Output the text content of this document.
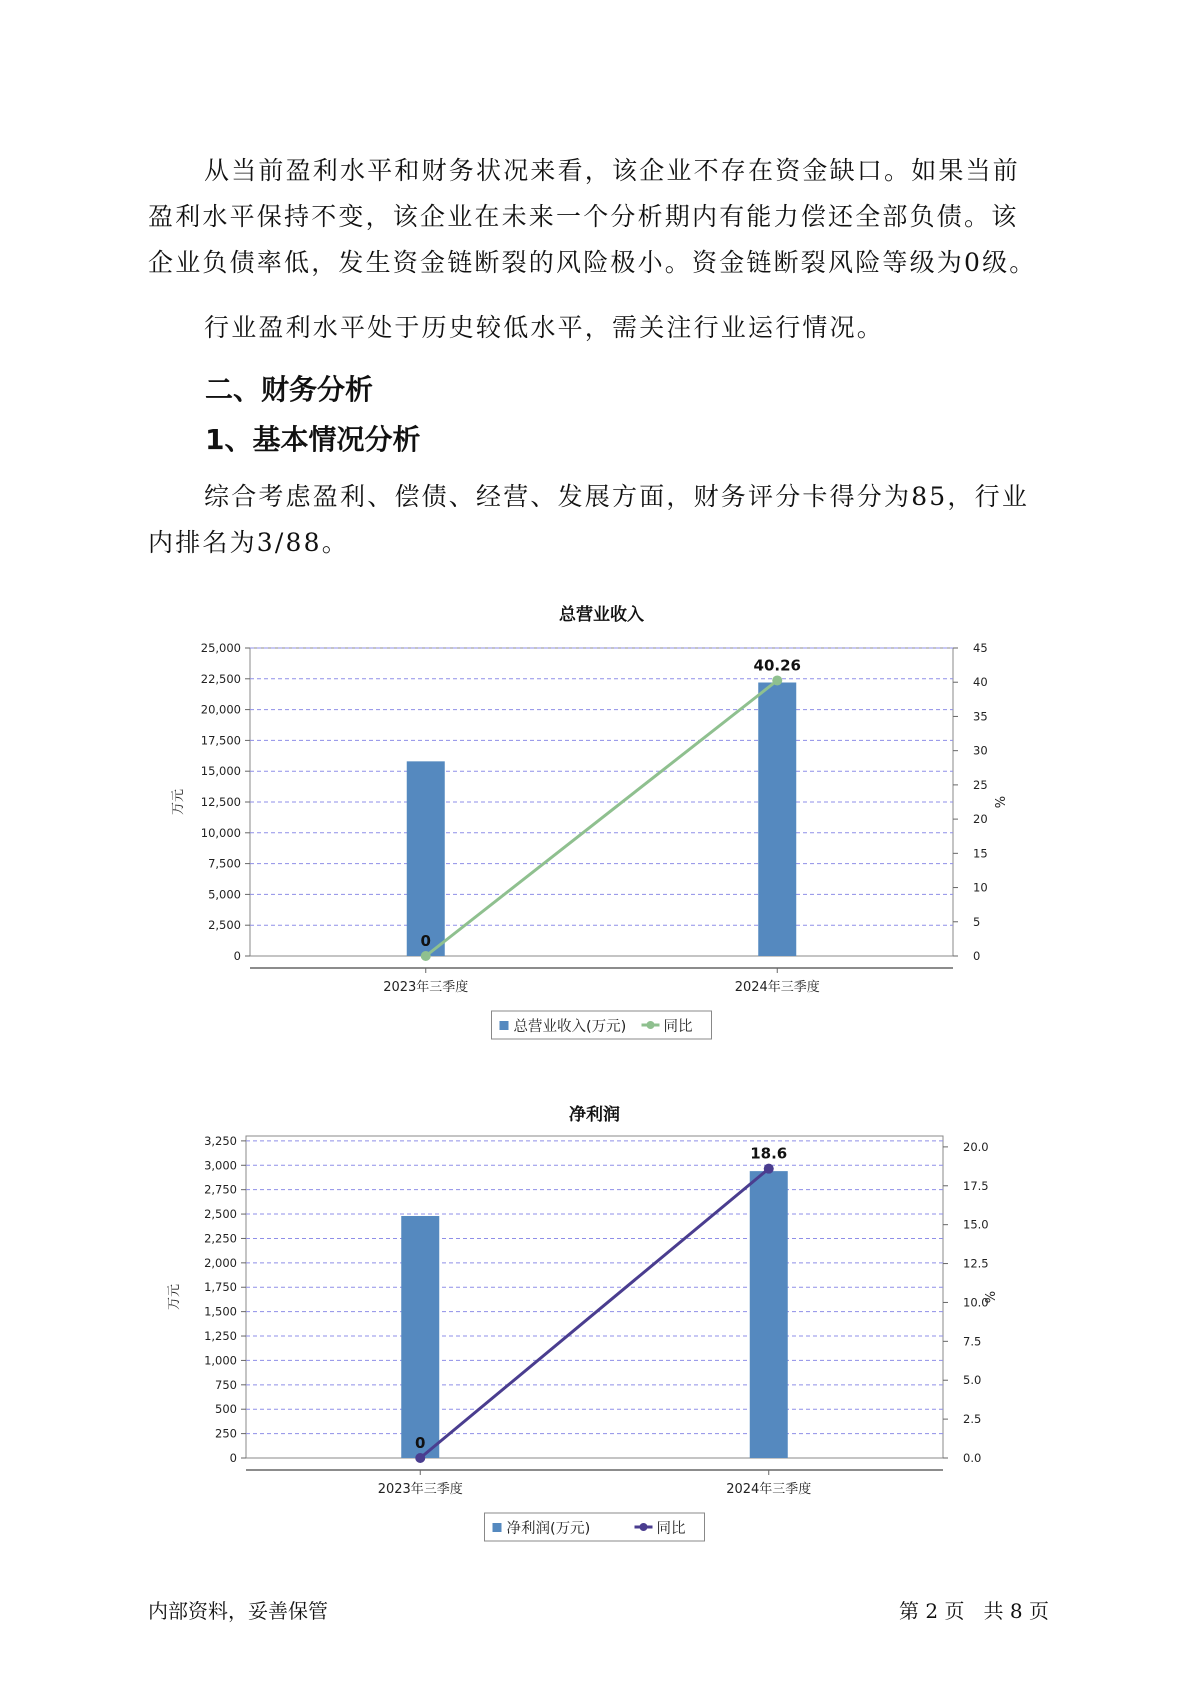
从当前盈利水平和财务状况来看，该企业不存在资金缺口。如果当前盈利水平保持不变，该企业在未来一个分析期内有能力偿还全部负债。该企业负债率低，发生资金链断裂的风险极小。资金链断裂风险等级为0级。

行业盈利水平处于历史较低水平，需关注行业运行情况。

二、财务分析
1、基本情况分析

综合考虑盈利、偿债、经营、发展方面，财务评分卡得分为85，行业内排名为3/88。

总营业收入
0
2,500
5,000
7,500
10,000
12,500
15,000
17,500
20,000
22,500
25,000
0
5
10
15
20
25
30
35
40
45
万元	%
2023年三季度	2024年三季度
0
40.26
总营业收入(万元)	同比
净利润
0
250
500
750
1,000
1,250
1,500
1,750
2,000
2,250
2,500
2,750
3,000
3,250
0.0
2.5
5.0
7.5
10.0
12.5
15.0
17.5
20.0
万元	%
2023年三季度	2024年三季度
0
18.6
净利润(万元)	同比
内部资料，妥善保管	第 2 页 共 8 页
